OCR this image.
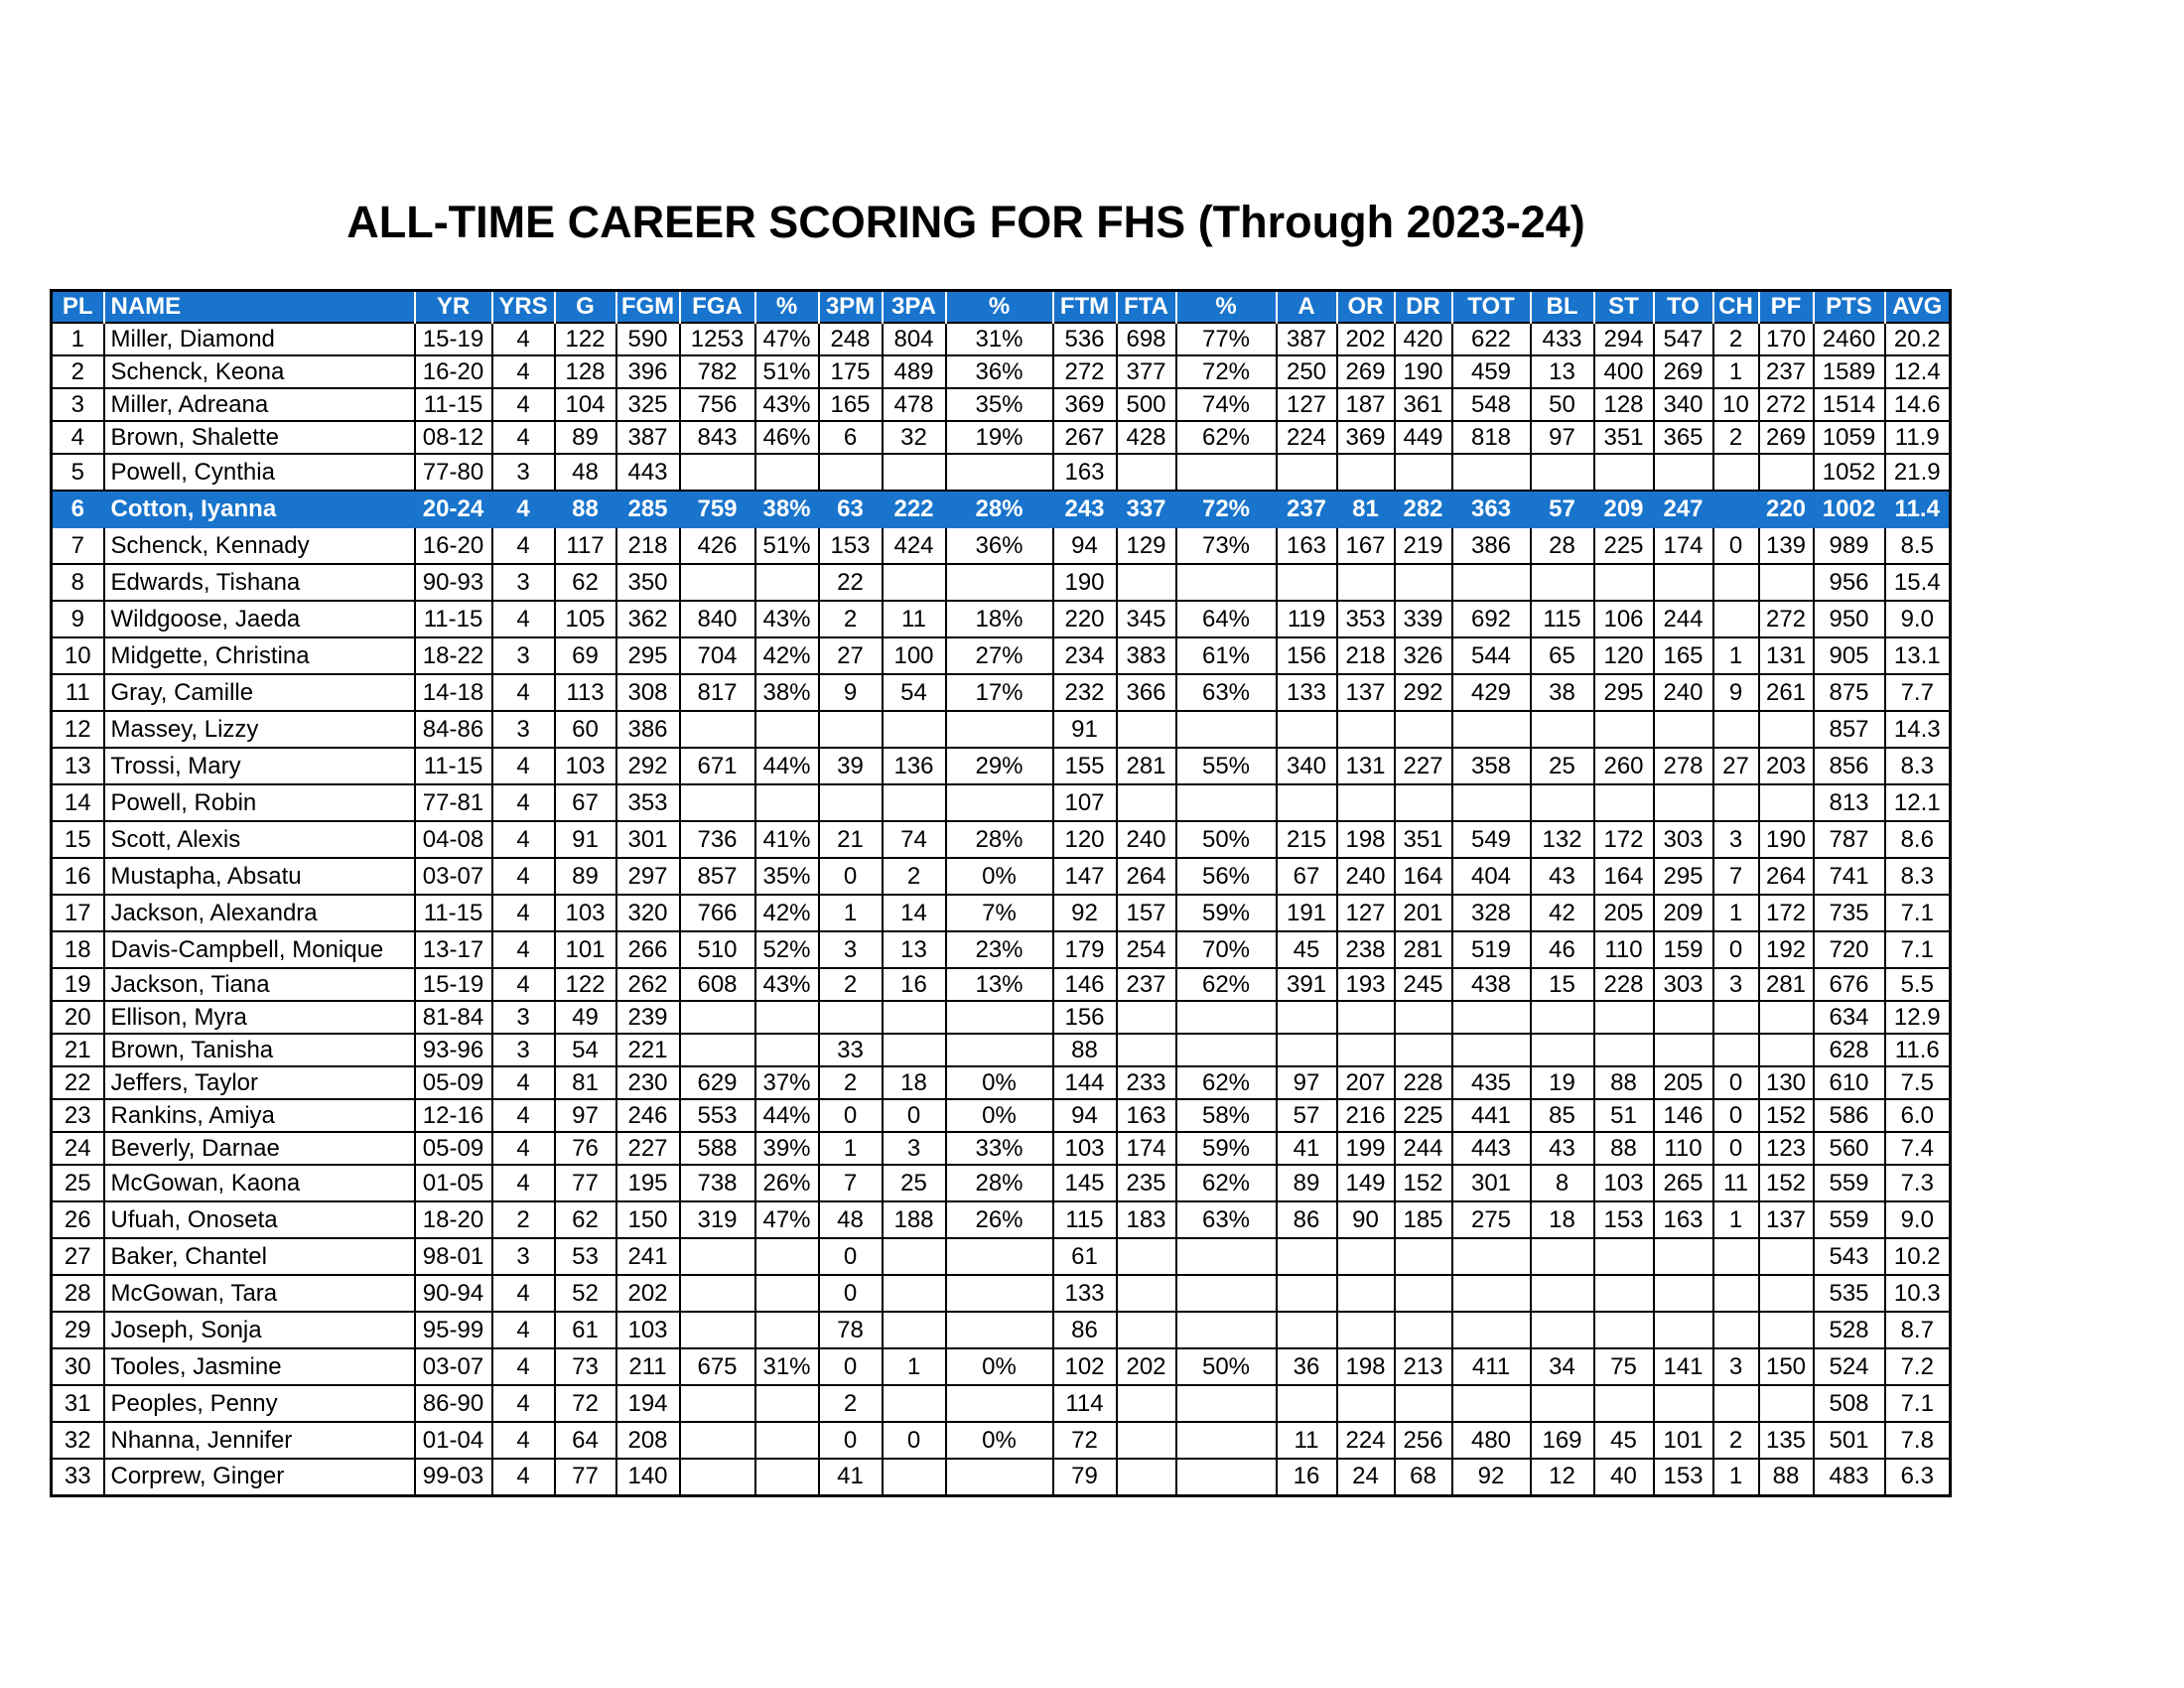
ALL-TIME CAREER SCORING FOR FHS (Through 2023-24)
PL	NAME	YR	YRS	G	FGM	FGA	%	3PM	3PA	%	FTM	FTA	%	A	OR	DR	TOT	BL	ST	TO	CH	PF	PTS	AVG
1	Miller, Diamond	15-19	4	122	590	1253	47%	248	804	31%	536	698	77%	387	202	420	622	433	294	547	2	170	2460	20.2
2	Schenck, Keona	16-20	4	128	396	782	51%	175	489	36%	272	377	72%	250	269	190	459	13	400	269	1	237	1589	12.4
3	Miller, Adreana	11-15	4	104	325	756	43%	165	478	35%	369	500	74%	127	187	361	548	50	128	340	10	272	1514	14.6
4	Brown, Shalette	08-12	4	89	387	843	46%	6	32	19%	267	428	62%	224	369	449	818	97	351	365	2	269	1059	11.9
5	Powell, Cynthia	77-80	3	48	443						163												1052	21.9
6	Cotton, Iyanna	20-24	4	88	285	759	38%	63	222	28%	243	337	72%	237	81	282	363	57	209	247		220	1002	11.4
7	Schenck, Kennady	16-20	4	117	218	426	51%	153	424	36%	94	129	73%	163	167	219	386	28	225	174	0	139	989	8.5
8	Edwards, Tishana	90-93	3	62	350			22			190												956	15.4
9	Wildgoose, Jaeda	11-15	4	105	362	840	43%	2	11	18%	220	345	64%	119	353	339	692	115	106	244		272	950	9.0
10	Midgette, Christina	18-22	3	69	295	704	42%	27	100	27%	234	383	61%	156	218	326	544	65	120	165	1	131	905	13.1
11	Gray, Camille	14-18	4	113	308	817	38%	9	54	17%	232	366	63%	133	137	292	429	38	295	240	9	261	875	7.7
12	Massey, Lizzy	84-86	3	60	386						91												857	14.3
13	Trossi, Mary	11-15	4	103	292	671	44%	39	136	29%	155	281	55%	340	131	227	358	25	260	278	27	203	856	8.3
14	Powell, Robin	77-81	4	67	353						107												813	12.1
15	Scott, Alexis	04-08	4	91	301	736	41%	21	74	28%	120	240	50%	215	198	351	549	132	172	303	3	190	787	8.6
16	Mustapha, Absatu	03-07	4	89	297	857	35%	0	2	0%	147	264	56%	67	240	164	404	43	164	295	7	264	741	8.3
17	Jackson, Alexandra	11-15	4	103	320	766	42%	1	14	7%	92	157	59%	191	127	201	328	42	205	209	1	172	735	7.1
18	Davis-Campbell, Monique	13-17	4	101	266	510	52%	3	13	23%	179	254	70%	45	238	281	519	46	110	159	0	192	720	7.1
19	Jackson, Tiana	15-19	4	122	262	608	43%	2	16	13%	146	237	62%	391	193	245	438	15	228	303	3	281	676	5.5
20	Ellison, Myra	81-84	3	49	239						156												634	12.9
21	Brown, Tanisha	93-96	3	54	221			33			88												628	11.6
22	Jeffers, Taylor	05-09	4	81	230	629	37%	2	18	0%	144	233	62%	97	207	228	435	19	88	205	0	130	610	7.5
23	Rankins, Amiya	12-16	4	97	246	553	44%	0	0	0%	94	163	58%	57	216	225	441	85	51	146	0	152	586	6.0
24	Beverly, Darnae	05-09	4	76	227	588	39%	1	3	33%	103	174	59%	41	199	244	443	43	88	110	0	123	560	7.4
25	McGowan, Kaona	01-05	4	77	195	738	26%	7	25	28%	145	235	62%	89	149	152	301	8	103	265	11	152	559	7.3
26	Ufuah, Onoseta	18-20	2	62	150	319	47%	48	188	26%	115	183	63%	86	90	185	275	18	153	163	1	137	559	9.0
27	Baker, Chantel	98-01	3	53	241			0			61												543	10.2
28	McGowan, Tara	90-94	4	52	202			0			133												535	10.3
29	Joseph, Sonja	95-99	4	61	103			78			86												528	8.7
30	Tooles, Jasmine	03-07	4	73	211	675	31%	0	1	0%	102	202	50%	36	198	213	411	34	75	141	3	150	524	7.2
31	Peoples, Penny	86-90	4	72	194			2			114												508	7.1
32	Nhanna, Jennifer	01-04	4	64	208			0	0	0%	72			11	224	256	480	169	45	101	2	135	501	7.8
33	Corprew, Ginger	99-03	4	77	140			41			79			16	24	68	92	12	40	153	1	88	483	6.3
